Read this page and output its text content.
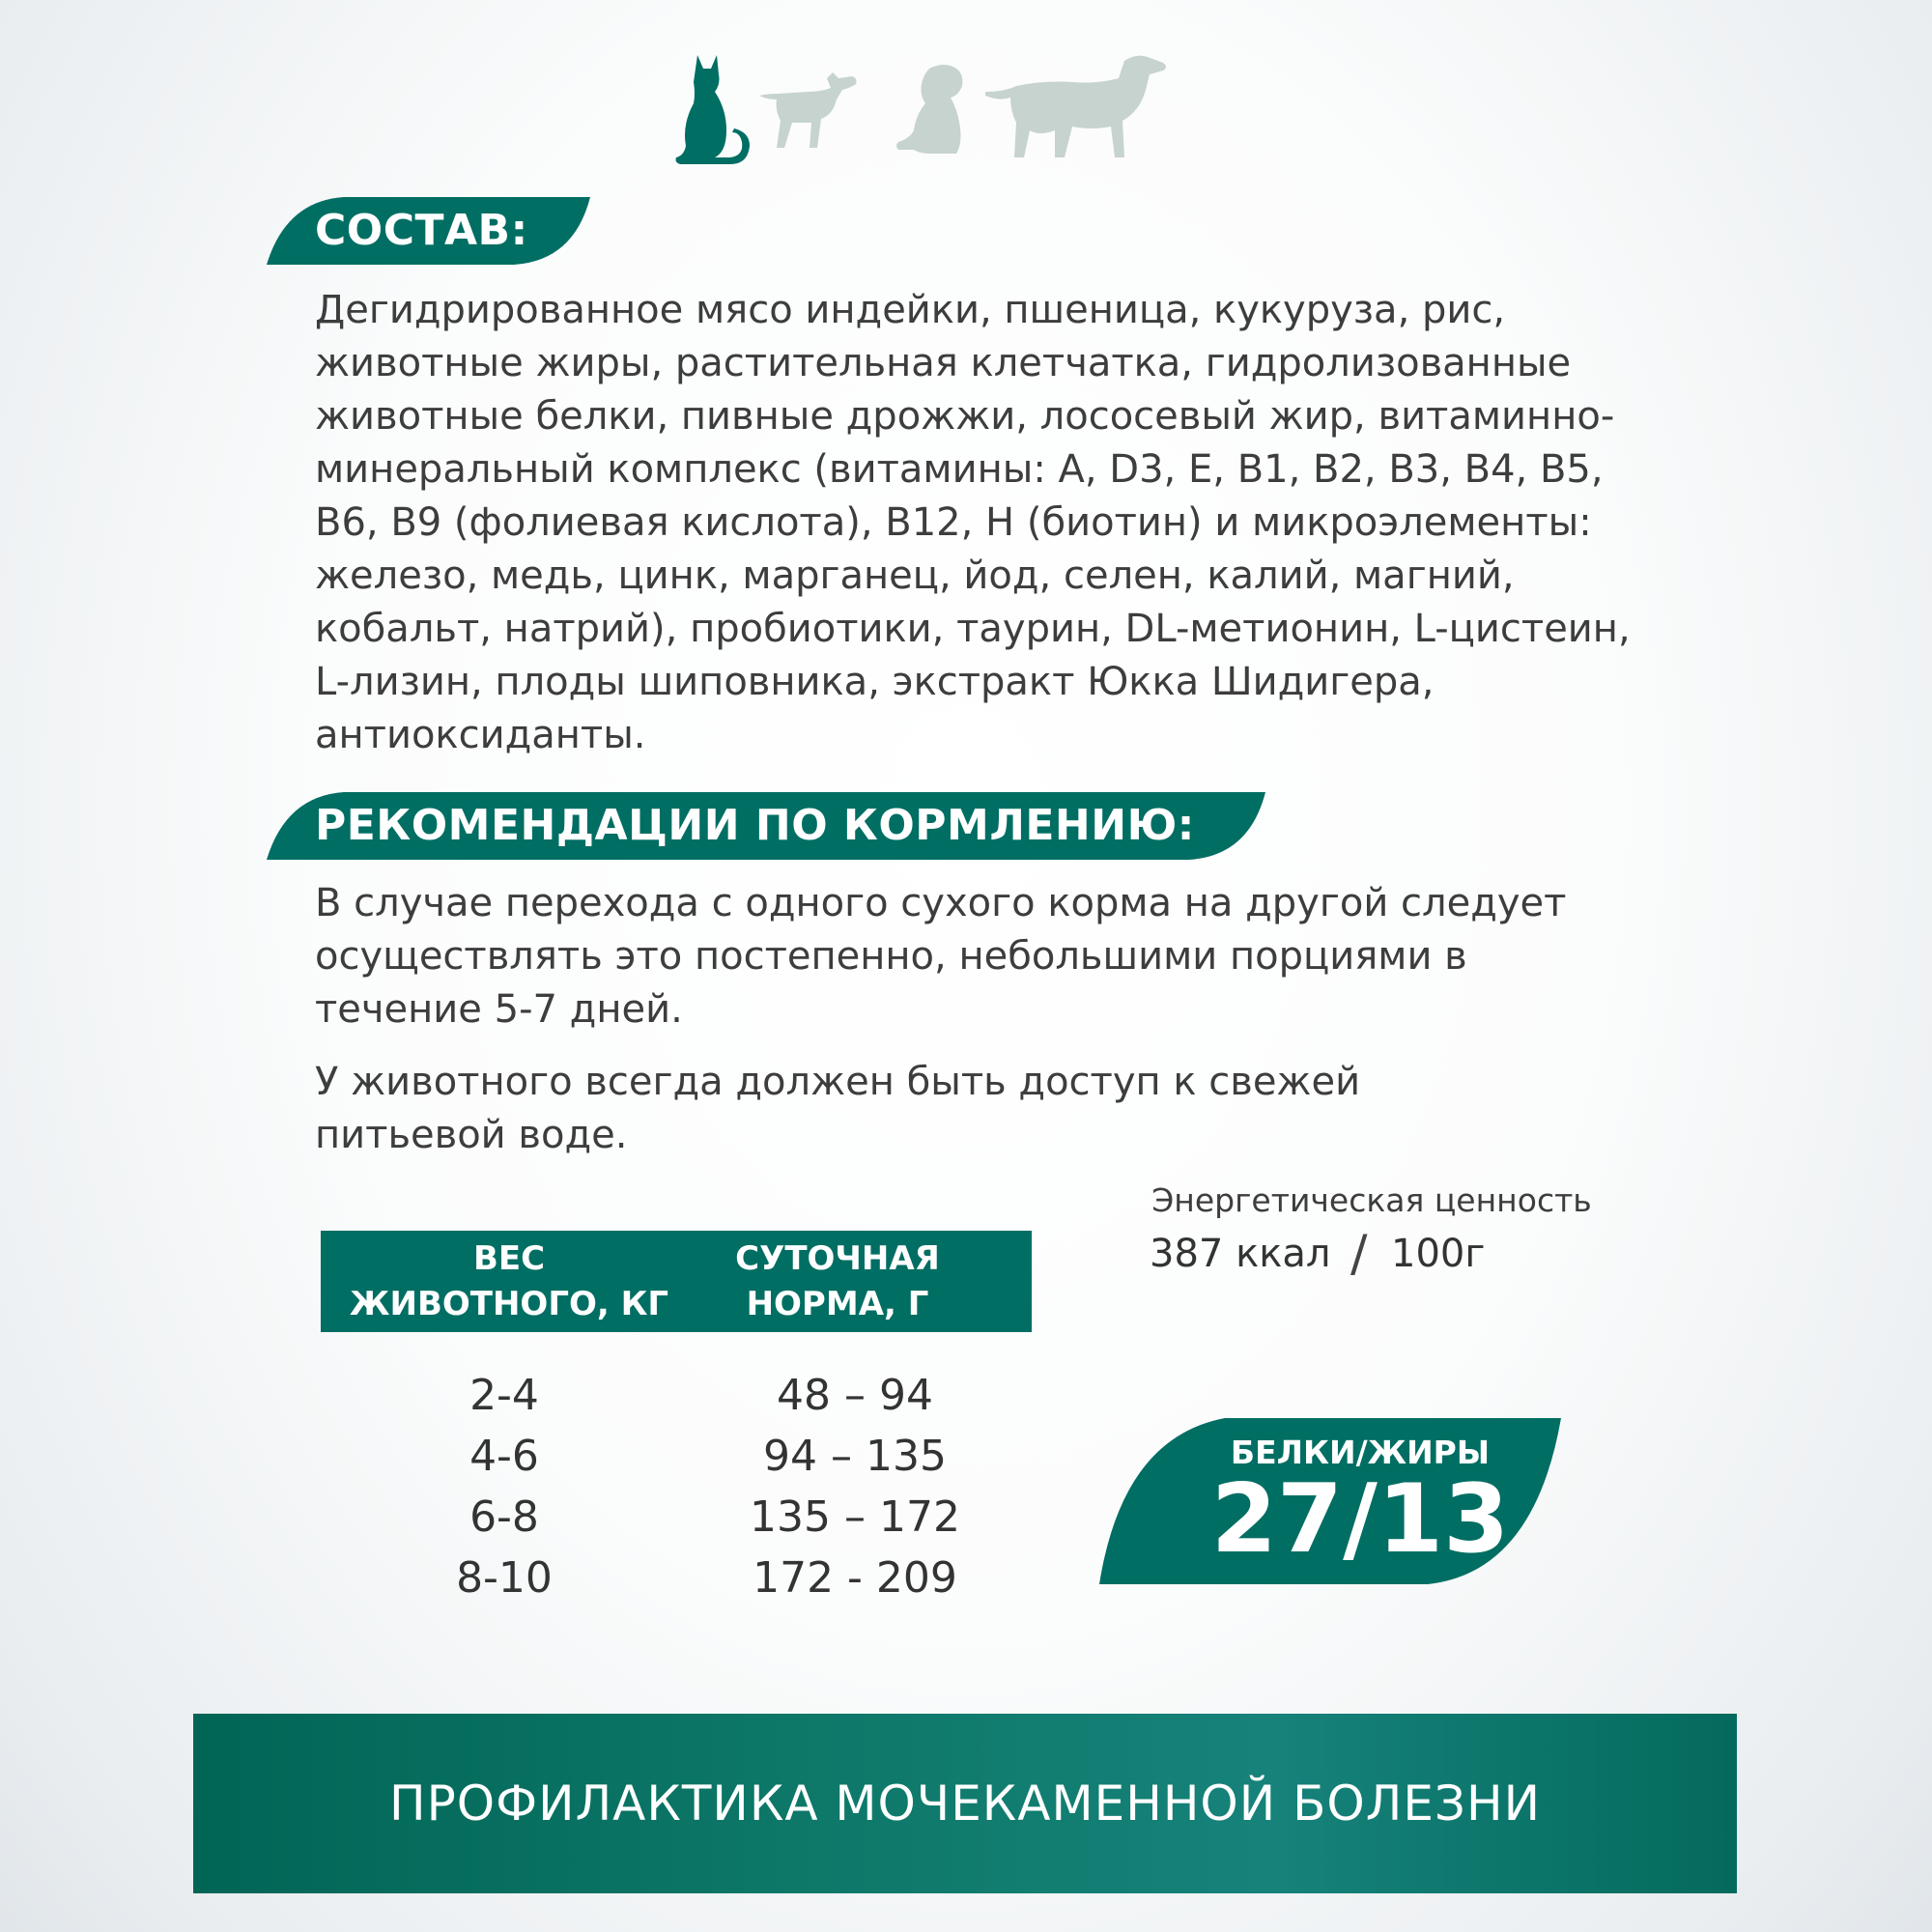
СОСТАВ:
Дегидрированное мясо индейки, пшеница, кукуруза, рис,
животные жиры, растительная клетчатка, гидролизованные
животные белки, пивные дрожжи, лососевый жир, витаминно-
минеральный комплекс (витамины: A, D3, E, B1, B2, B3, B4, B5,
B6, B9 (фолиевая кислота), B12, H (биотин) и микроэлементы:
железо, медь, цинк, марганец, йод, селен, калий, магний,
кобальт, натрий), пробиотики, таурин, DL-метионин, L-цистеин,
L-лизин, плоды шиповника, экстракт Юкка Шидигера,
антиоксиданты.
РЕКОМЕНДАЦИИ ПО КОРМЛЕНИЮ:
В случае перехода с одного сухого корма на другой следует
осуществлять это постепенно, небольшими порциями в
течение 5-7 дней.
У животного всегда должен быть доступ к свежей
питьевой воде.
ВЕС
ЖИВОТНОГО, КГ
СУТОЧНАЯ
НОРМА, Г
2-4
4-6
6-8
8-10
48 – 94
94 – 135
135 – 172
172 - 209
Энергетическая ценность
387 ккал / 100г
БЕЛКИ/ЖИРЫ
27/13
ПРОФИЛАКТИКА МОЧЕКАМЕННОЙ БОЛЕЗНИ
